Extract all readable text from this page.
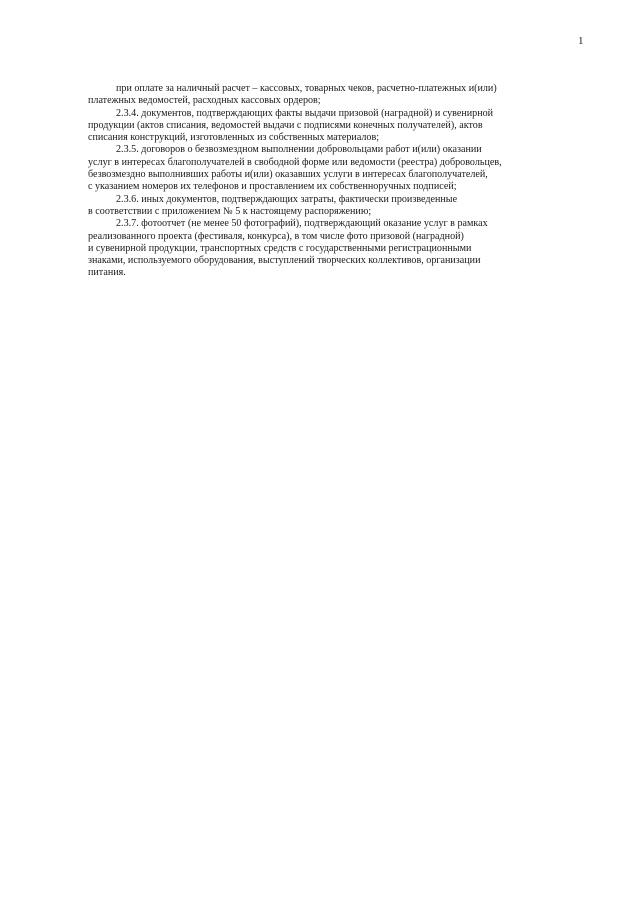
1

при оплате за наличный расчет – кассовых, товарных чеков, расчетно-платежных и(или)
платежных ведомостей, расходных кассовых ордеров;

2.3.4. документов, подтверждающих факты выдачи призовой (наградной) и сувенирной
продукции (актов списания, ведомостей выдачи с подписями конечных получателей), актов
списания конструкций, изготовленных из собственных материалов;

2.3.5. договоров о безвозмездном выполнении добровольцами работ и(или) оказании
услуг в интересах благополучателей в свободной форме или ведомости (реестра) добровольцев,
безвозмездно выполнивших работы и(или) оказавших услуги в интересах благополучателей,
с указанием номеров их телефонов и проставлением их собственноручных подписей;

2.3.6. иных документов, подтверждающих затраты, фактически произведенные
в соответствии с приложением № 5 к настоящему распоряжению;

2.3.7. фотоотчет (не менее 50 фотографий), подтверждающий оказание услуг в рамках
реализованного проекта (фестиваля, конкурса), в том числе фото призовой (наградной)
и сувенирной продукции, транспортных средств с государственными регистрационными
знаками, используемого оборудования, выступлений творческих коллективов, организации
питания.
